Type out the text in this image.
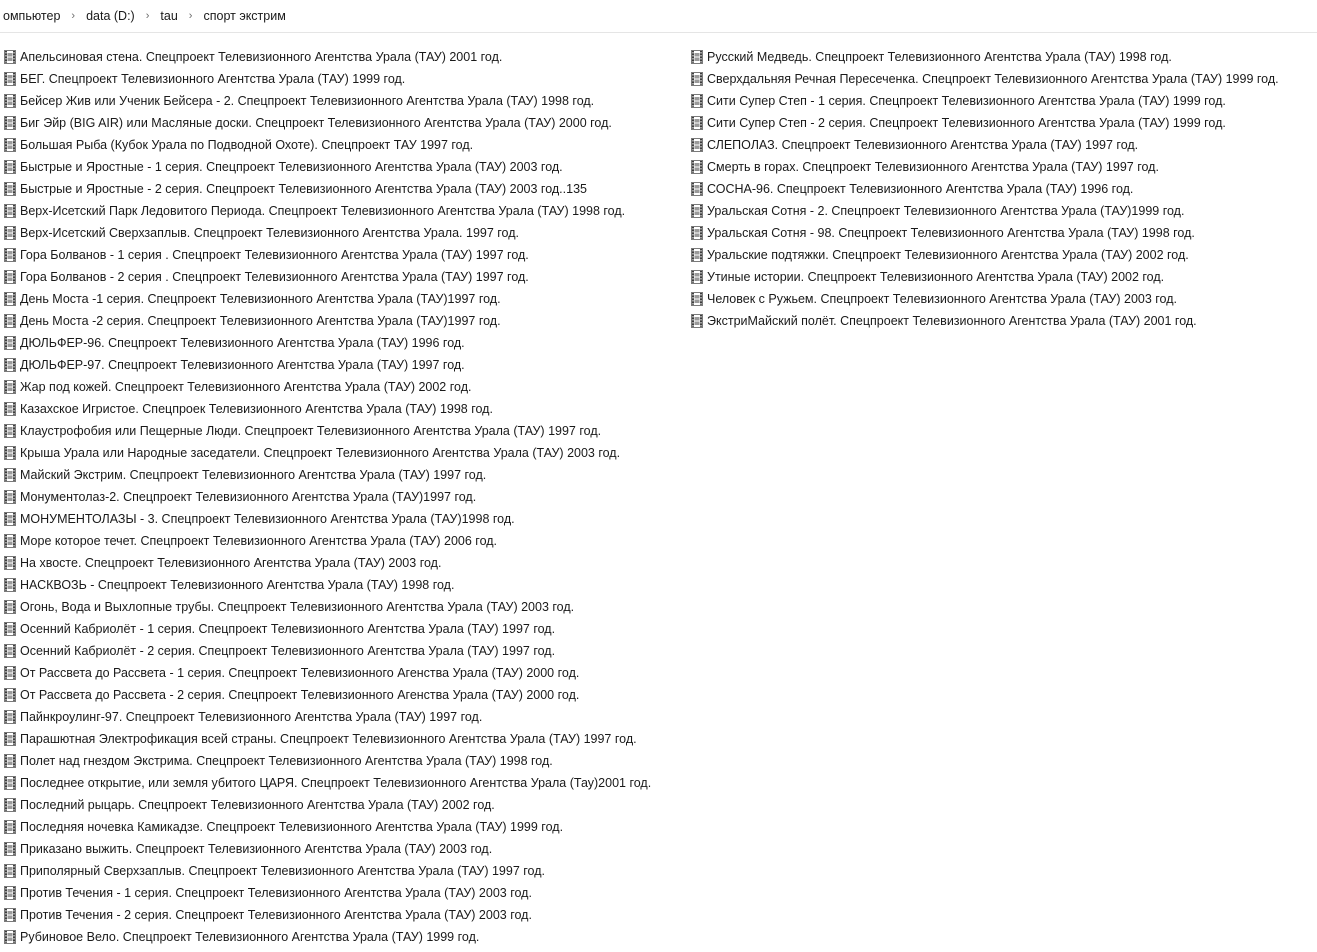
омпьютер	› data (D:)	› tau	› спорт экстрим
Апельсиновая стена. Спецпроект Телевизионного Агентства Урала (ТАУ) 2001 год.
БЕГ. Спецпроект Телевизионного Агентства Урала (ТАУ) 1999 год.
Бейсер Жив или Ученик Бейсера - 2. Спецпроект Телевизионного Агентства Урала (ТАУ) 1998 год.
Биг Эйр (BIG AIR) или Масляные доски. Спецпроект Телевизионного Агентства Урала (ТАУ) 2000 год.
Большая Рыба (Кубок Урала по Подводной Охоте). Спецпроект ТАУ 1997 год.
Быстрые и Яростные - 1 серия. Спецпроект Телевизионного Агентства Урала (ТАУ) 2003 год.
Быстрые и Яростные - 2 серия. Спецпроект Телевизионного Агентства Урала (ТАУ) 2003 год..135
Верх-Исетский Парк Ледовитого Периода. Спецпроект Телевизионного Агентства Урала (ТАУ) 1998 год.
Верх-Исетский Сверхзаплыв. Спецпроект Телевизионного Агентства Урала. 1997 год.
Гора Болванов - 1 серия . Спецпроект Телевизионного Агентства Урала (ТАУ) 1997 год.
Гора Болванов - 2 серия . Спецпроект Телевизионного Агентства Урала (ТАУ) 1997 год.
День Моста -1 серия. Спецпроект Телевизионного Агентства Урала (ТАУ)1997 год.
День Моста -2 серия. Спецпроект Телевизионного Агентства Урала (ТАУ)1997 год.
ДЮЛЬФЕР-96. Спецпроект Телевизионного Агентства Урала (ТАУ) 1996 год.
ДЮЛЬФЕР-97. Спецпроект Телевизионного Агентства Урала (ТАУ) 1997 год.
Жар под кожей. Спецпроект Телевизионного Агентства Урала (ТАУ) 2002 год.
Казахское Игристое. Спецпроек Телевизионного Агентства Урала (ТАУ) 1998 год.
Клаустрофобия или Пещерные Люди. Спецпроект Телевизионного Агентства Урала (ТАУ) 1997 год.
Крыша Урала или Народные заседатели. Спецпроект Телевизионного Агентства Урала (ТАУ) 2003 год.
Майский Экстрим. Спецпроект Телевизионного Агентства Урала (ТАУ) 1997 год.
Монументолаз-2. Спецпроект Телевизионного Агентства Урала (ТАУ)1997 год.
МОНУМЕНТОЛАЗЫ - 3. Спецпроект Телевизионного Агентства Урала (ТАУ)1998 год.
Море которое течет. Спецпроект Телевизионного Агентства Урала (ТАУ) 2006 год.
На хвосте. Спецпроект Телевизионного Агентства Урала (ТАУ) 2003 год.
НАСКВОЗЬ - Спецпроект Телевизионного Агентства Урала (ТАУ) 1998 год.
Огонь, Вода и Выхлопные трубы. Спецпроект Телевизионного Агентства Урала (ТАУ) 2003 год.
Осенний Кабриолёт - 1 серия. Спецпроект Телевизионного Агентства Урала (ТАУ) 1997 год.
Осенний Кабриолёт - 2 серия. Спецпроект Телевизионного Агентства Урала (ТАУ) 1997 год.
От Рассвета до Рассвета - 1 серия. Спецпроект Телевизионного Агенства Урала (ТАУ) 2000 год.
От Рассвета до Рассвета - 2 серия. Спецпроект Телевизионного Агенства Урала (ТАУ) 2000 год.
Пайнкроулинг-97. Спецпроект Телевизионного Агентства Урала (ТАУ) 1997 год.
Парашютная Электрофикация всей страны. Спецпроект Телевизионного Агентства Урала (ТАУ) 1997 год.
Полет над гнездом Экстрима. Спецпроект Телевизионного Агентства Урала (ТАУ) 1998 год.
Последнее открытие, или земля убитого ЦАРЯ. Спецпроект Телевизионного Агентства Урала (Тау)2001 год.
Последний рыцарь. Спецпроект Телевизионного Агентства Урала (ТАУ) 2002 год.
Последняя ночевка Камикадзе. Спецпроект Телевизионного Агентства Урала (ТАУ) 1999 год.
Приказано выжить. Спецпроект Телевизионного Агентства Урала (ТАУ) 2003 год.
Приполярный Сверхзаплыв. Спецпроект Телевизионного Агентства Урала (ТАУ) 1997 год.
Против Течения - 1 серия. Спецпроект Телевизионного Агентства Урала (ТАУ) 2003 год.
Против Течения - 2 серия. Спецпроект Телевизионного Агентства Урала (ТАУ) 2003 год.
Рубиновое Вело. Спецпроект Телевизионного Агентства Урала (ТАУ) 1999 год.
Русский Медведь. Спецпроект Телевизионного Агентства Урала (ТАУ) 1998 год.
Сверхдальняя Речная Пересеченка. Спецпроект Телевизионного Агентства Урала (ТАУ) 1999 год.
Сити Супер Степ - 1 серия. Спецпроект Телевизионного Агентства Урала (ТАУ) 1999 год.
Сити Супер Степ - 2 серия. Спецпроект Телевизионного Агентства Урала (ТАУ) 1999 год.
СЛЕПОЛАЗ. Спецпроект Телевизионного Агентства Урала (ТАУ) 1997 год.
Смерть в горах. Спецпроект Телевизионного Агентства Урала (ТАУ) 1997 год.
СОСНА-96. Спецпроект Телевизионного Агентства Урала (ТАУ) 1996 год.
Уральская Сотня - 2. Спецпроект Телевизионного Агентства Урала (ТАУ)1999 год.
Уральская Сотня - 98. Спецпроект Телевизионного Агентства Урала (ТАУ) 1998 год.
Уральские подтяжки. Спецпроект Телевизионного Агентства Урала (ТАУ) 2002 год.
Утиные истории. Спецпроект Телевизионного Агентства Урала (ТАУ) 2002 год.
Человек с Ружьем. Спецпроект Телевизионного Агентства Урала (ТАУ) 2003 год.
ЭкстриМайский полёт. Спецпроект Телевизионного Агентства Урала (ТАУ) 2001 год.
